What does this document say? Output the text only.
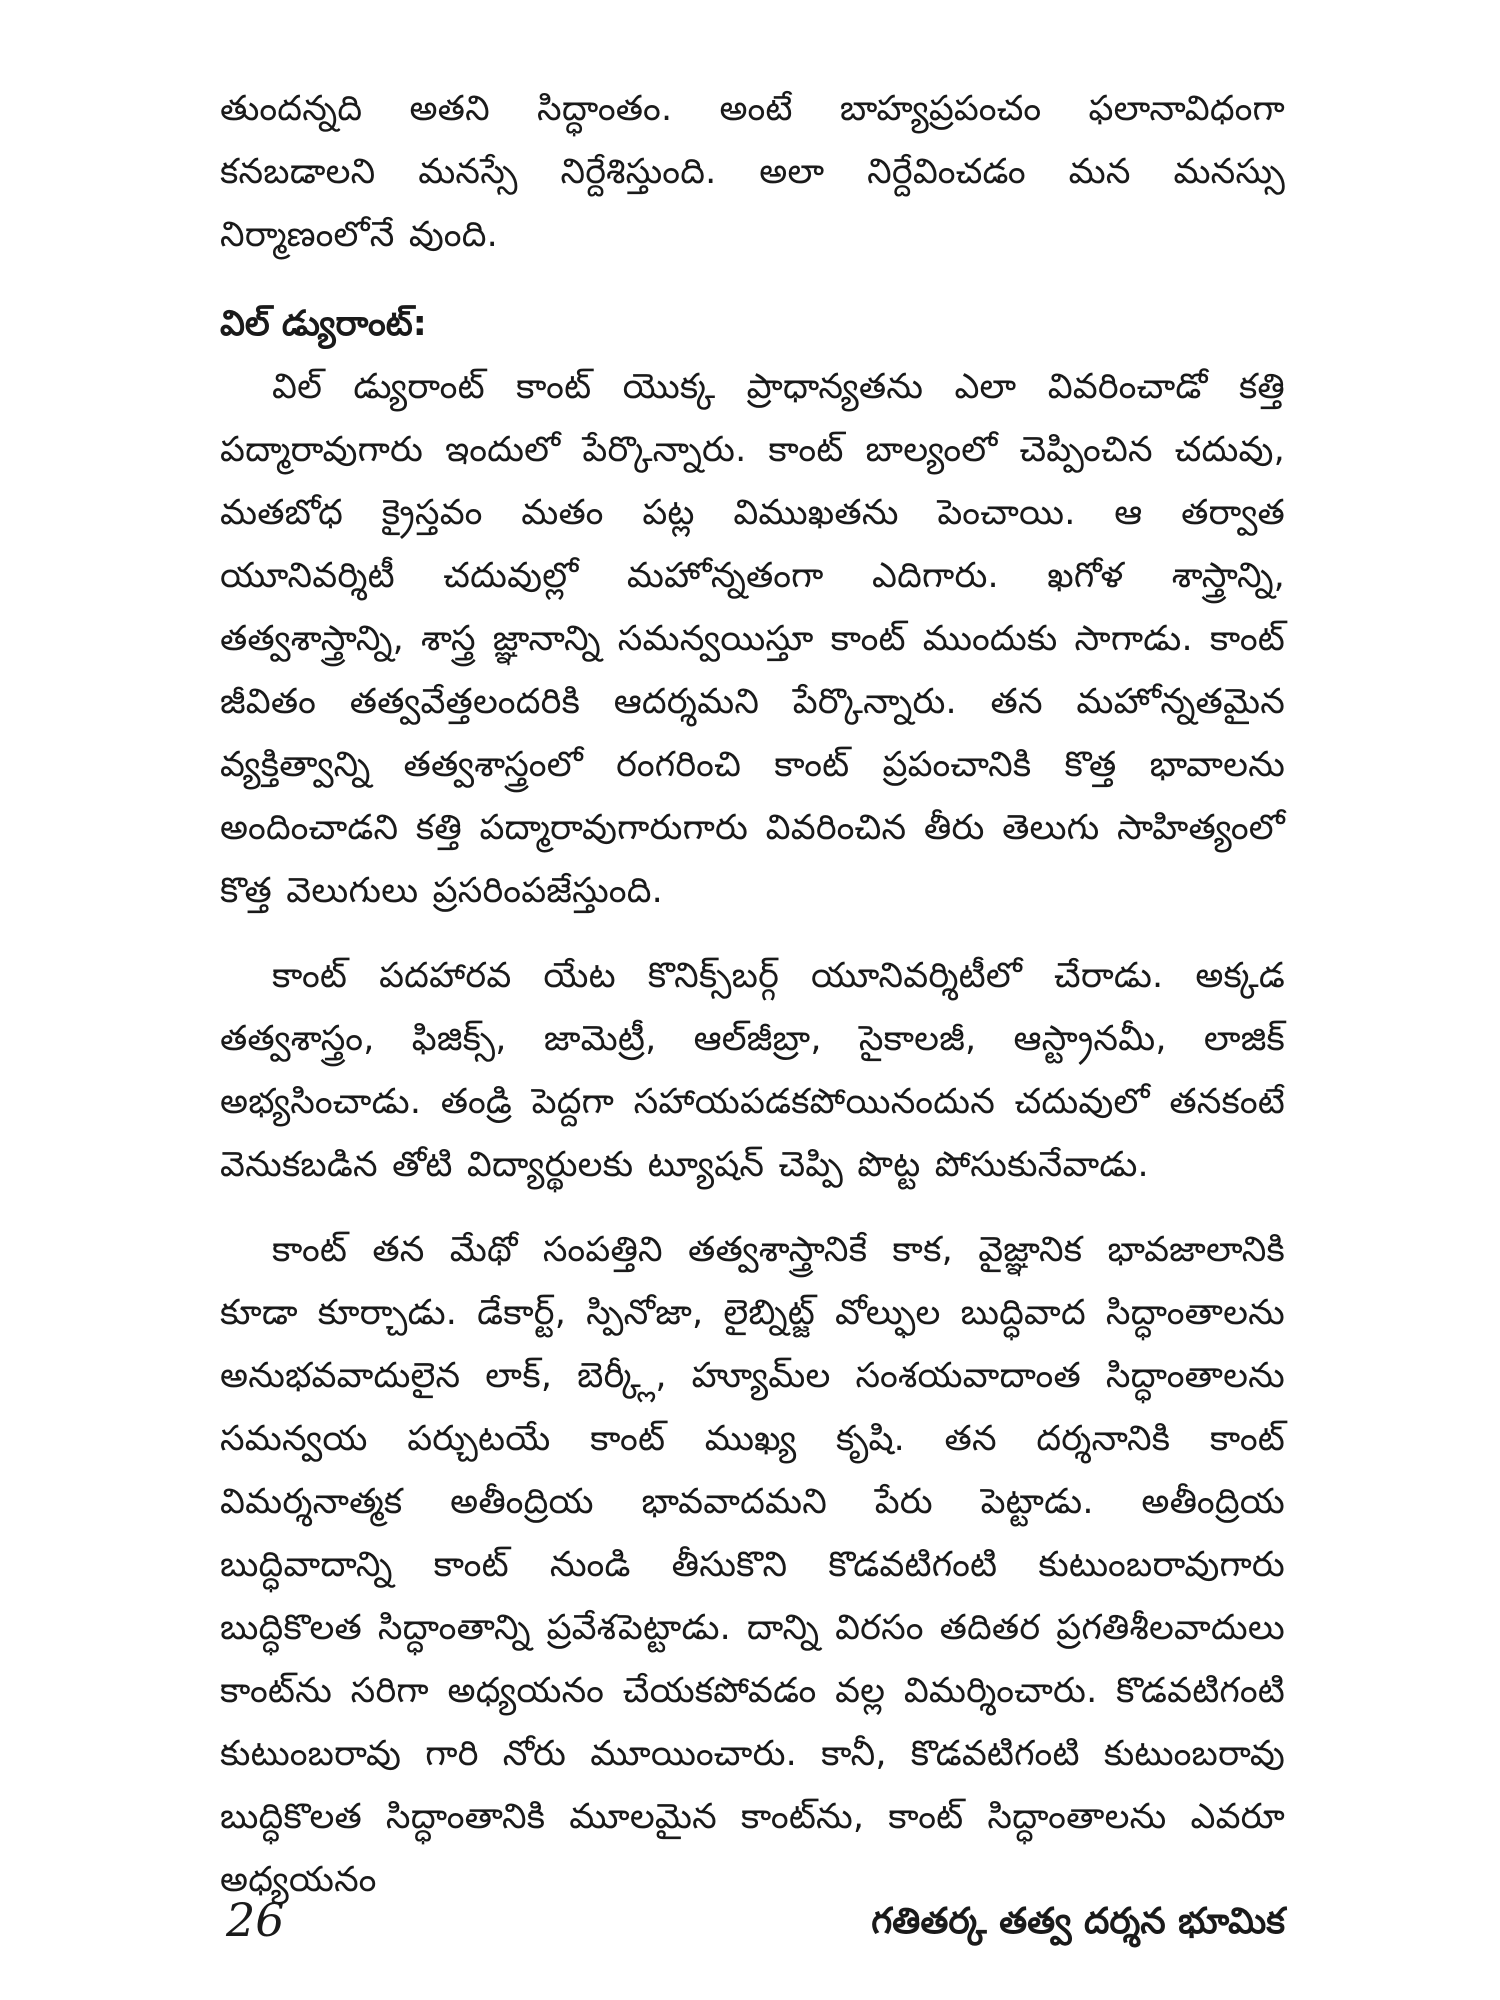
తుందన్నది అతని సిద్ధాంతం. అంటే బాహ్యప్రపంచం ఫలానావిధంగా కనబడాలని మనస్సే నిర్దేశిస్తుంది. అలా నిర్దేవించడం మన మనస్సు నిర్మాణంలోనే వుంది.

విల్ డ్యురాంట్:

విల్ డ్యురాంట్ కాంట్ యొక్క ప్రాధాన్యతను ఎలా వివరించాడో కత్తి పద్మారావుగారు ఇందులో పేర్కొన్నారు. కాంట్ బాల్యంలో చెప్పించిన చదువు, మతబోధ క్రైస్తవం మతం పట్ల విముఖతను పెంచాయి. ఆ తర్వాత యూనివర్శిటీ చదువుల్లో మహోన్నతంగా ఎదిగారు. ఖగోళ శాస్త్రాన్ని, తత్వశాస్త్రాన్ని, శాస్త్ర జ్ఞానాన్ని సమన్వయిస్తూ కాంట్ ముందుకు సాగాడు. కాంట్ జీవితం తత్వవేత్తలందరికి ఆదర్శమని పేర్కొన్నారు. తన మహోన్నతమైన వ్యక్తిత్వాన్ని తత్వశాస్త్రంలో రంగరించి కాంట్ ప్రపంచానికి కొత్త భావాలను అందించాడని కత్తి పద్మారావుగారుగారు వివరించిన తీరు తెలుగు సాహిత్యంలో కొత్త వెలుగులు ప్రసరింపజేస్తుంది.

కాంట్ పదహారవ యేట కొనిక్స్‌బర్గ్ యూనివర్శిటీలో చేరాడు. అక్కడ తత్వశాస్త్రం, ఫిజిక్స్, జామెట్రీ, ఆల్‌జీబ్రా, సైకాలజీ, ఆస్ట్రానమీ, లాజిక్ అభ్యసించాడు. తండ్రి పెద్దగా సహాయపడకపోయినందున చదువులో తనకంటే వెనుకబడిన తోటి విద్యార్థులకు ట్యూషన్ చెప్పి పొట్ట పోసుకునేవాడు.

కాంట్ తన మేథో సంపత్తిని తత్వశాస్త్రానికే కాక, వైజ్ఞానిక భావజాలానికి కూడా కూర్చాడు. డేకార్ట్, స్పినోజా, లైబ్నిట్జ్ వోల్ఫుల బుద్ధివాద సిద్ధాంతాలను అనుభవవాదులైన లాక్, బెర్క్లీ, హ్యూమ్‌ల సంశయవాదాంత సిద్ధాంతాలను సమన్వయ పర్చుటయే కాంట్ ముఖ్య కృషి. తన దర్శనానికి కాంట్ విమర్శనాత్మక అతీంద్రియ భావవాదమని పేరు పెట్టాడు. అతీంద్రియ బుద్ధివాదాన్ని కాంట్ నుండి తీసుకొని కొడవటిగంటి కుటుంబరావుగారు బుద్ధికొలత సిద్ధాంతాన్ని ప్రవేశపెట్టాడు. దాన్ని విరసం తదితర ప్రగతిశీలవాదులు కాంట్‌ను సరిగా అధ్యయనం చేయకపోవడం వల్ల విమర్శించారు. కొడవటిగంటి కుటుంబరావు గారి నోరు మూయించారు. కానీ, కొడవటిగంటి కుటుంబరావు బుద్ధికొలత సిద్ధాంతానికి మూలమైన కాంట్‌ను, కాంట్ సిద్ధాంతాలను ఎవరూ అధ్యయనం

26	గతితర్క తత్వ దర్శన భూమిక
